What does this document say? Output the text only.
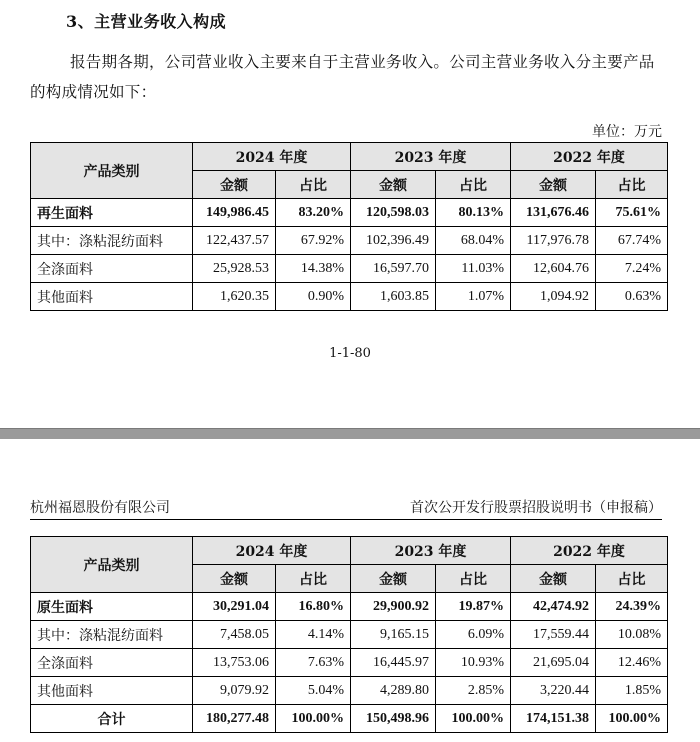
3、主营业务收入构成
报告期各期，公司营业收入主要来自于主营业务收入。公司主营业务收入分主要产品的构成情况如下：
单位：万元
产品类别	2024 年度		2023 年度		2022 年度	
	金额	占比	金额	占比	金额	占比
再生面料	149,986.45	83.20%	120,598.03	80.13%	131,676.46	75.61%
其中：涤粘混纺面料	122,437.57	67.92%	102,396.49	68.04%	117,976.78	67.74%
全涤面料	25,928.53	14.38%	16,597.70	11.03%	12,604.76	7.24%
其他面料	1,620.35	0.90%	1,603.85	1.07%	1,094.92	0.63%
1-1-80
杭州福恩股份有限公司	首次公开发行股票招股说明书（申报稿）
产品类别	2024 年度		2023 年度		2022 年度	
	金额	占比	金额	占比	金额	占比
原生面料	30,291.04	16.80%	29,900.92	19.87%	42,474.92	24.39%
其中：涤粘混纺面料	7,458.05	4.14%	9,165.15	6.09%	17,559.44	10.08%
全涤面料	13,753.06	7.63%	16,445.97	10.93%	21,695.04	12.46%
其他面料	9,079.92	5.04%	4,289.80	2.85%	3,220.44	1.85%
合计	180,277.48	100.00%	150,498.96	100.00%	174,151.38	100.00%
